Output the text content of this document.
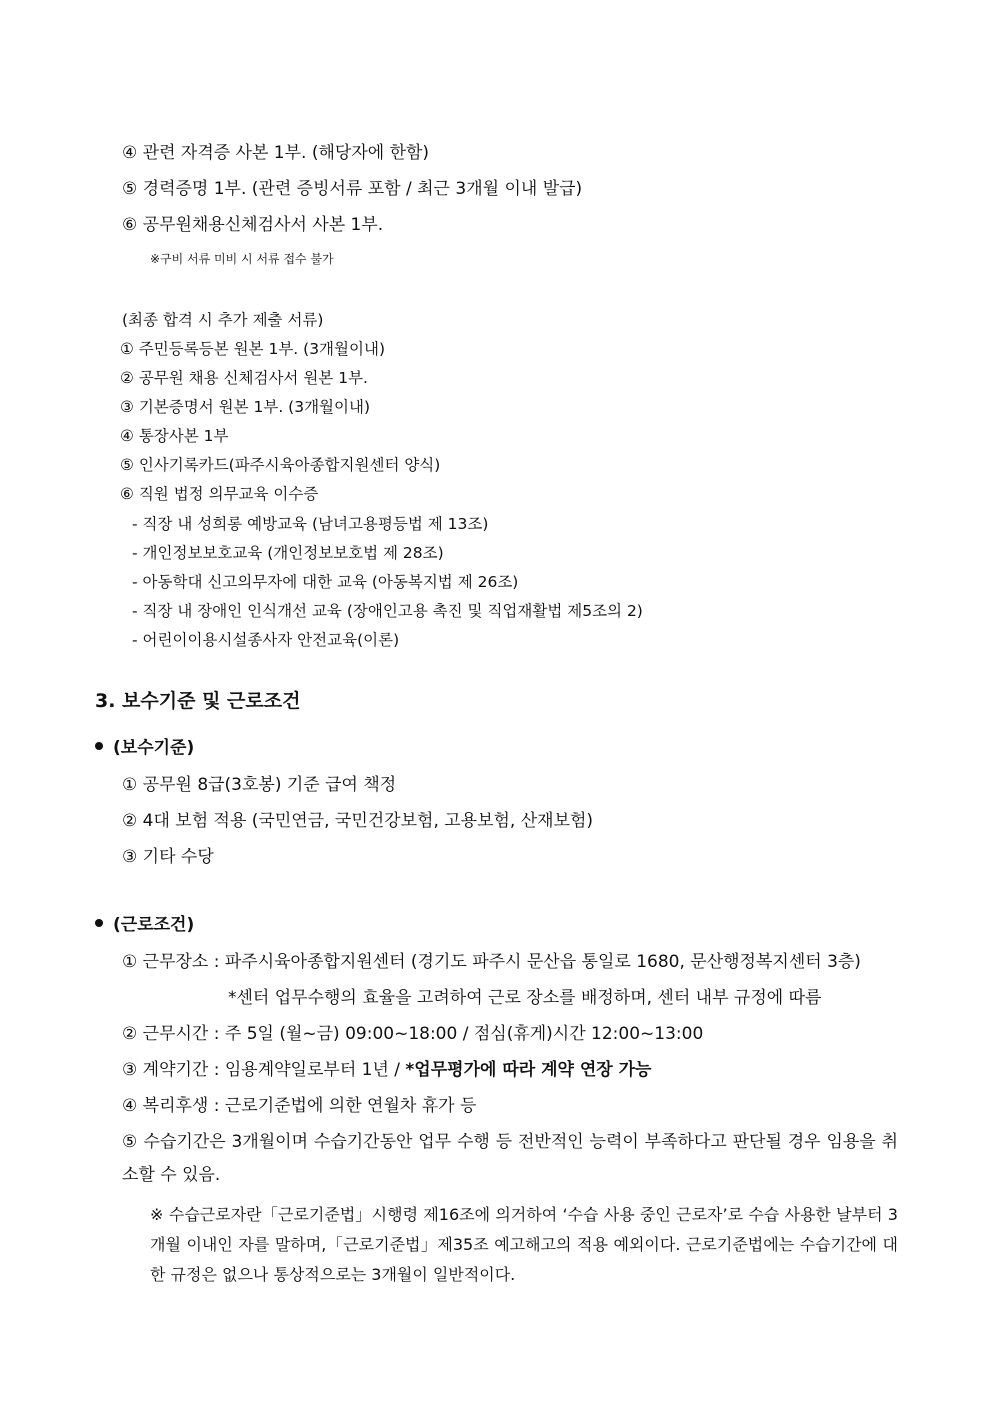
④ 관련 자격증 사본 1부. (해당자에 한함)
⑤ 경력증명 1부. (관련 증빙서류 포함 / 최근 3개월 이내 발급)
⑥ 공무원채용신체검사서 사본 1부.
※구비 서류 미비 시 서류 접수 불가
(최종 합격 시 추가 제출 서류)
① 주민등록등본 원본 1부. (3개월이내)
② 공무원 채용 신체검사서 원본 1부.
③ 기본증명서 원본 1부. (3개월이내)
④ 통장사본 1부
⑤ 인사기록카드(파주시육아종합지원센터 양식)
⑥ 직원 법정 의무교육 이수증
- 직장 내 성희롱 예방교육 (남녀고용평등법 제 13조)
- 개인정보보호교육 (개인정보보호법 제 28조)
- 아동학대 신고의무자에 대한 교육 (아동복지법 제 26조)
- 직장 내 장애인 인식개선 교육 (장애인고용 촉진 및 직업재활법 제5조의 2)
- 어린이이용시설종사자 안전교육(이론)
3. 보수기준 및 근로조건
(보수기준)
① 공무원 8급(3호봉) 기준 급여 책정
② 4대 보험 적용 (국민연금, 국민건강보험, 고용보험, 산재보험)
③ 기타 수당
(근로조건)
① 근무장소 : 파주시육아종합지원센터 (경기도 파주시 문산읍 통일로 1680, 문산행정복지센터 3층)
*센터 업무수행의 효율을 고려하여 근로 장소를 배정하며, 센터 내부 규정에 따름
② 근무시간 : 주 5일 (월~금) 09:00~18:00 / 점심(휴게)시간 12:00~13:00
③ 계약기간 : 임용계약일로부터 1년 / *업무평가에 따라 계약 연장 가능
④ 복리후생 : 근로기준법에 의한 연월차 휴가 등
⑤ 수습기간은 3개월이며 수습기간동안 업무 수행 등 전반적인 능력이 부족하다고 판단될 경우 임용을 취소할 수 있음.
※ 수습근로자란「근로기준법」시행령 제16조에 의거하여 ‘수습 사용 중인 근로자’로 수습 사용한 날부터 3개월 이내인 자를 말하며,「근로기준법」제35조 예고해고의 적용 예외이다. 근로기준법에는 수습기간에 대한 규정은 없으나 통상적으로는 3개월이 일반적이다.
